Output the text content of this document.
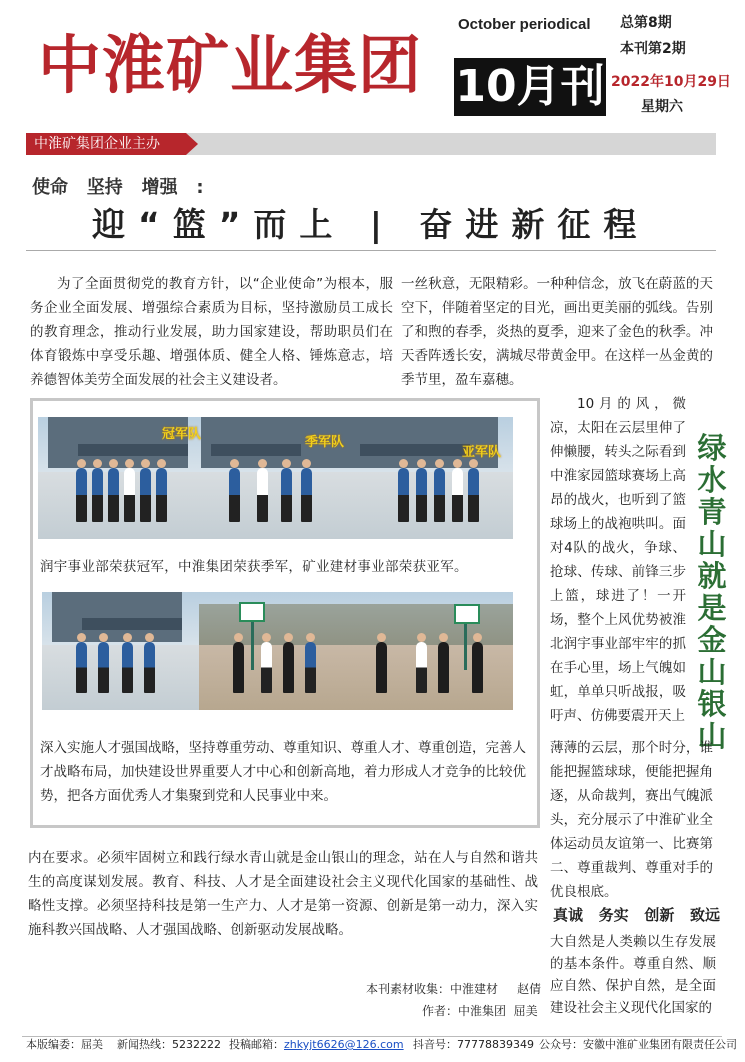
中淮矿业集团
October periodical
10月刊
总第8期
本刊第2期
2022年10月29日
星期六
中淮矿集团企业主办
使命   坚持   增强   :
迎“篮”而上 | 奋进新征程
为了全面贯彻党的教育方针，以“企业使命”为根本，服务企业全面发展、增强综合素质为目标，坚持激励员工成长的教育理念，推动行业发展，助力国家建设，帮助职员们在体育锻炼中享受乐趣、增强体质、健全人格、锤炼意志，培养德智体美劳全面发展的社会主义建设者。
一丝秋意，无限精彩。一种种信念，放飞在蔚蓝的天空下，伴随着坚定的目光，画出更美丽的弧线。告别了和煦的春季，炎热的夏季，迎来了金色的秋季。冲天香阵透长安，满城尽带黄金甲。在这样一丛金黄的季节里，盈车嘉穗。
冠军队
季军队
亚军队
润宇事业部荣获冠军，中淮集团荣获季军，矿业建材事业部荣获亚军。
深入实施人才强国战略，坚持尊重劳动、尊重知识、尊重人才、尊重创造，完善人才战略布局，加快建设世界重要人才中心和创新高地，着力形成人才竞争的比较优势，把各方面优秀人才集聚到党和人民事业中来。
10月的风，微凉，太阳在云层里伸了伸懒腰，转头之际看到中淮家园篮球赛场上高昂的战火，也听到了篮球场上的战袍哄叫。面对4队的战火，争球、抢球、传球、前锋三步上篮，球进了！一开场，整个上风优势被淮北润宇事业部牢牢的抓在手心里，场上气魄如虹，单单只听战报，吸吁声、仿佛要震开天上
绿水青山就是金山银山
薄薄的云层，那个时分，谁能把握篮球球，便能把握角逐，从命裁判，赛出气魄派头，充分展示了中淮矿业全体运动员友谊第一、比赛第二、尊重裁判、尊重对手的优良根底。
真诚   务实   创新   致远
大自然是人类赖以生存发展的基本条件。尊重自然、顺应自然、保护自然，是全面建设社会主义现代化国家的
内在要求。必须牢固树立和践行绿水青山就是金山银山的理念，站在人与自然和谐共生的高度谋划发展。教育、科技、人才是全面建设社会主义现代化国家的基础性、战略性支撑。必须坚持科技是第一生产力、人才是第一资源、创新是第一动力，深入实施科教兴国战略、人才强国战略、创新驱动发展战略。
本刊素材收集：中淮建材     赵倩
作者：中淮集团  屈美
本版编委：屈美 新闻热线：5232222 投稿邮箱：zhkyjt6626@126.com 抖音号：77778839349 公众号：安徽中淮矿业集团有限责任公司
